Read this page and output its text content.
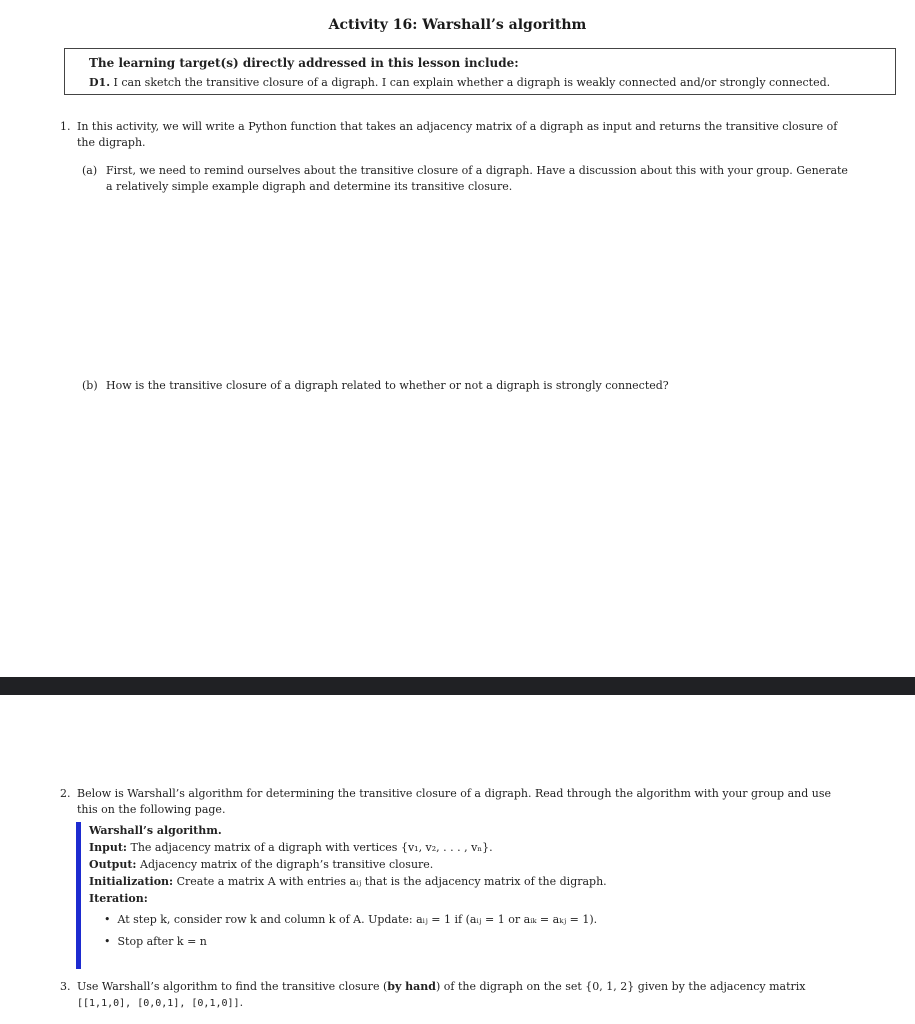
Activity 16: Warshall’s algorithm
The learning target(s) directly addressed in this lesson include:
D1. I can sketch the transitive closure of a digraph. I can explain whether a digraph is weakly connected and/or strongly connected.
1. In this activity, we will write a Python function that takes an adjacency matrix of a digraph as input and returns the transitive closure of
the digraph.
(a) First, we need to remind ourselves about the transitive closure of a digraph. Have a discussion about this with your group. Generate
a relatively simple example digraph and determine its transitive closure.
(b) How is the transitive closure of a digraph related to whether or not a digraph is strongly connected?
2. Below is Warshall’s algorithm for determining the transitive closure of a digraph. Read through the algorithm with your group and use
this on the following page.
Warshall’s algorithm.
Input: The adjacency matrix of a digraph with vertices {v₁, v₂, . . . , vₙ}.
Output: Adjacency matrix of the digraph’s transitive closure.
Initialization: Create a matrix A with entries aᵢⱼ that is the adjacency matrix of the digraph.
Iteration:
•  At step k, consider row k and column k of A. Update: aᵢⱼ = 1 if (aᵢⱼ = 1 or aᵢₖ = aₖⱼ = 1).
•  Stop after k = n
3. Use Warshall’s algorithm to find the transitive closure (by hand) of the digraph on the set {0, 1, 2} given by the adjacency matrix
[[1,1,0], [0,0,1], [0,1,0]].
